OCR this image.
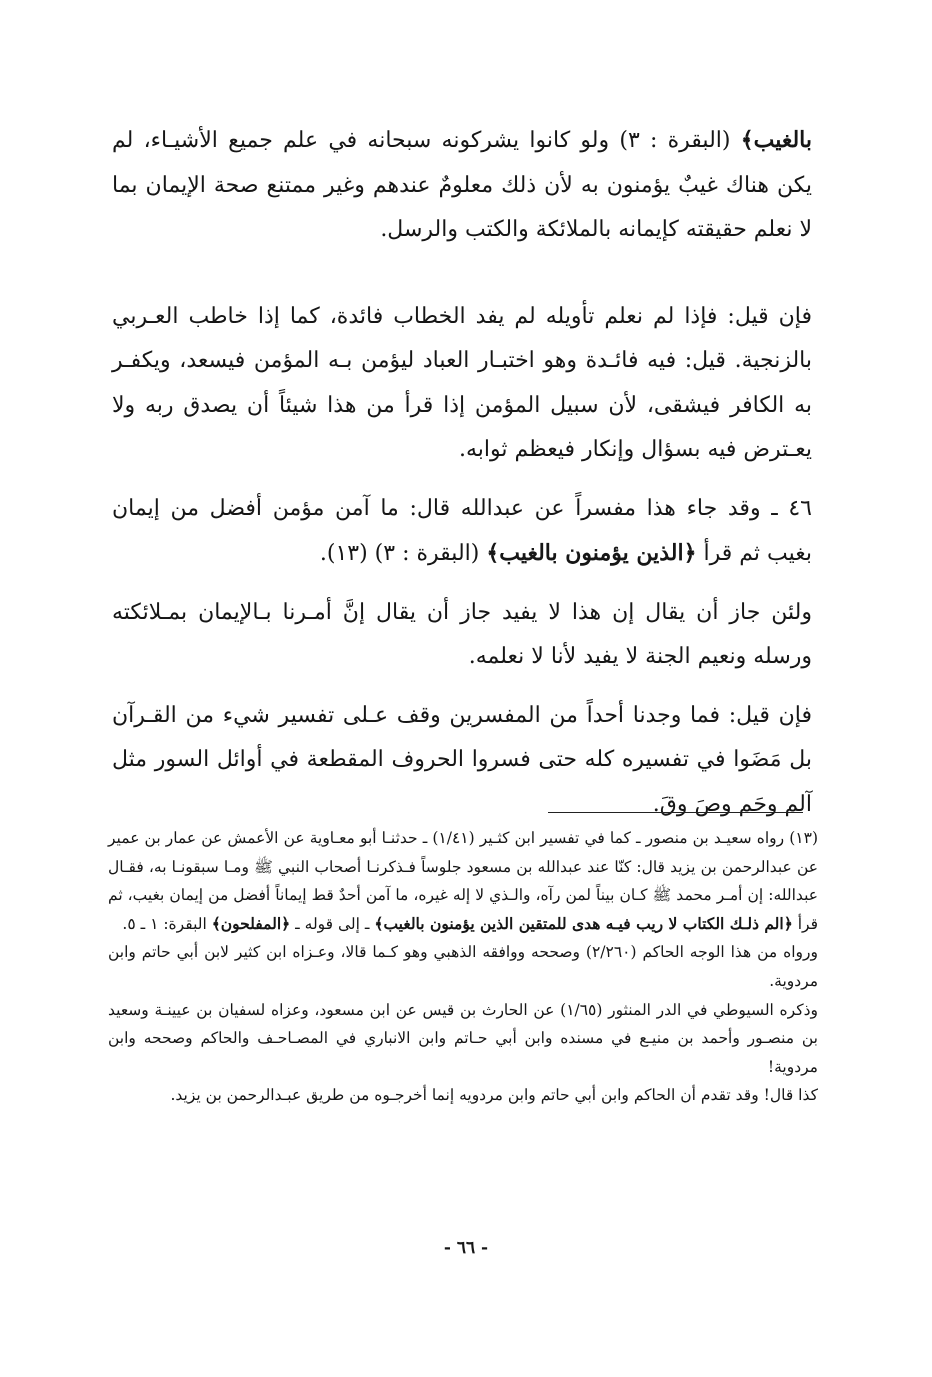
بالغيب﴾ (البقرة : ٣) ولو كانوا يشركونه سبحانه في علم جميع الأشيـاء، لم يكن هناك غيبٌ يؤمنون به لأن ذلك معلومٌ عندهم وغير ممتنع صحة الإيمان بما لا نعلم حقيقته كإيمانه بالملائكة والكتب والرسل.

فإن قيل: فإذا لم نعلم تأويله لم يفد الخطاب فائدة، كما إذا خاطب العـربي بالزنجية. قيل: فيه فائـدة وهو اختبـار العباد ليؤمن بـه المؤمن فيسعد، ويكفـر به الكافر فيشقى، لأن سبيل المؤمن إذا قرأ من هذا شيئاً أن يصدق ربه ولا يعـترض فيه بسؤال وإنكار فيعظم ثوابه.

٤٦ ـ وقد جاء هذا مفسراً عن عبدالله قال: ما آمن مؤمن أفضل من إيمان بغيب ثم قرأ ﴿الذين يؤمنون بالغيب﴾ (البقرة : ٣) (١٣).

ولئن جاز أن يقال إن هذا لا يفيد جاز أن يقال إنَّ أمـرنا بـالإيمان بمـلائكته ورسله ونعيم الجنة لا يفيد لأنا لا نعلمه.

فإن قيل: فما وجدنا أحداً من المفسرين وقف عـلى تفسير شيء من القـرآن بل مَضَوا في تفسيره كله حتى فسروا الحروف المقطعة في أوائل السور مثل آلم وحَم وصَ وقَ.

(١٣) رواه سعيـد بن منصور ـ كما في تفسير ابن كثـير (١/٤١) ـ حدثنـا أبو معـاوية عن الأعمش عن عمار بن عمير عن عبدالرحمن بن يزيد قال: كنّا عند عبدالله بن مسعود جلوساً فـذكرنـا أصحاب النبي ﷺ ومـا سبقونـا به، فقـال عبدالله: إن أمـر محمد ﷺ كـان بيناً لمن رآه، والـذي لا إله غيره، ما آمن أحدٌ قط إيماناً أفضل من إيمان بغيب، ثم قرأ ﴿الم ذلـك الكتاب لا ريب فيـه هدى للمتقين الذين يؤمنون بالغيب﴾ ـ إلى قوله ـ ﴿المفلحون﴾ البقرة: ١ ـ ٥.

ورواه من هذا الوجه الحاكم (٢/٢٦٠) وصححه ووافقه الذهبي وهو كـما قالا، وعـزاه ابن كثير لابن أبي حاتم وابن مردوية.

وذكره السيوطي في الدر المنثور (١/٦٥) عن الحارث بن قيس عن ابن مسعود، وعزاه لسفيان بن عيينـة وسعيد بن منصـور وأحمد بن منيـع في مسنده وابن أبي حـاتم وابن الانباري في المصـاحـف والحاكم وصححه وابن مردوية!

كذا قال! وقد تقدم أن الحاكم وابن أبي حاتم وابن مردويه إنما أخرجـوه من طريق عبـدالرحمن بن يزيد.

- ٦٦ -
